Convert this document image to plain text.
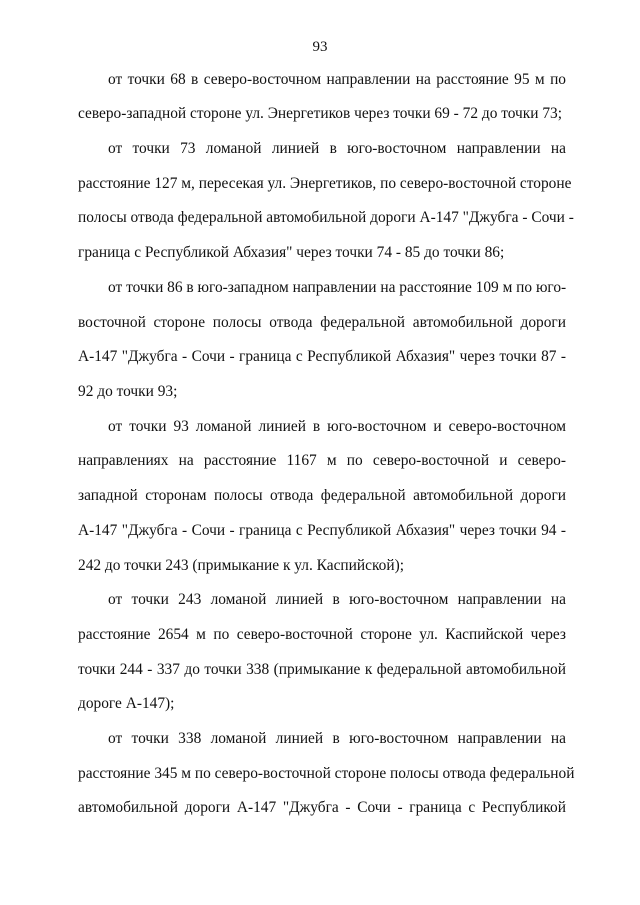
93
от точки 68 в северо-восточном направлении на расстояние 95 м по
северо-западной стороне ул. Энергетиков через точки 69 - 72 до точки 73;
от точки 73 ломаной линией в юго-восточном направлении на
расстояние 127 м, пересекая ул. Энергетиков, по северо-восточной стороне
полосы отвода федеральной автомобильной дороги А-147 "Джубга - Сочи -
граница с Республикой Абхазия" через точки 74 - 85 до точки 86;
от точки 86 в юго-западном направлении на расстояние 109 м по юго-
восточной стороне полосы отвода федеральной автомобильной дороги
А-147 "Джубга - Сочи - граница с Республикой Абхазия" через точки 87 -
92 до точки 93;
от точки 93 ломаной линией в юго-восточном и северо-восточном
направлениях на расстояние 1167 м по северо-восточной и северо-
западной сторонам полосы отвода федеральной автомобильной дороги
А-147 "Джубга - Сочи - граница с Республикой Абхазия" через точки 94 -
242 до точки 243 (примыкание к ул. Каспийской);
от точки 243 ломаной линией в юго-восточном направлении на
расстояние 2654 м по северо-восточной стороне ул. Каспийской через
точки 244 - 337 до точки 338 (примыкание к федеральной автомобильной
дороге А-147);
от точки 338 ломаной линией в юго-восточном направлении на
расстояние 345 м по северо-восточной стороне полосы отвода федеральной
автомобильной дороги А-147 "Джубга - Сочи - граница с Республикой
